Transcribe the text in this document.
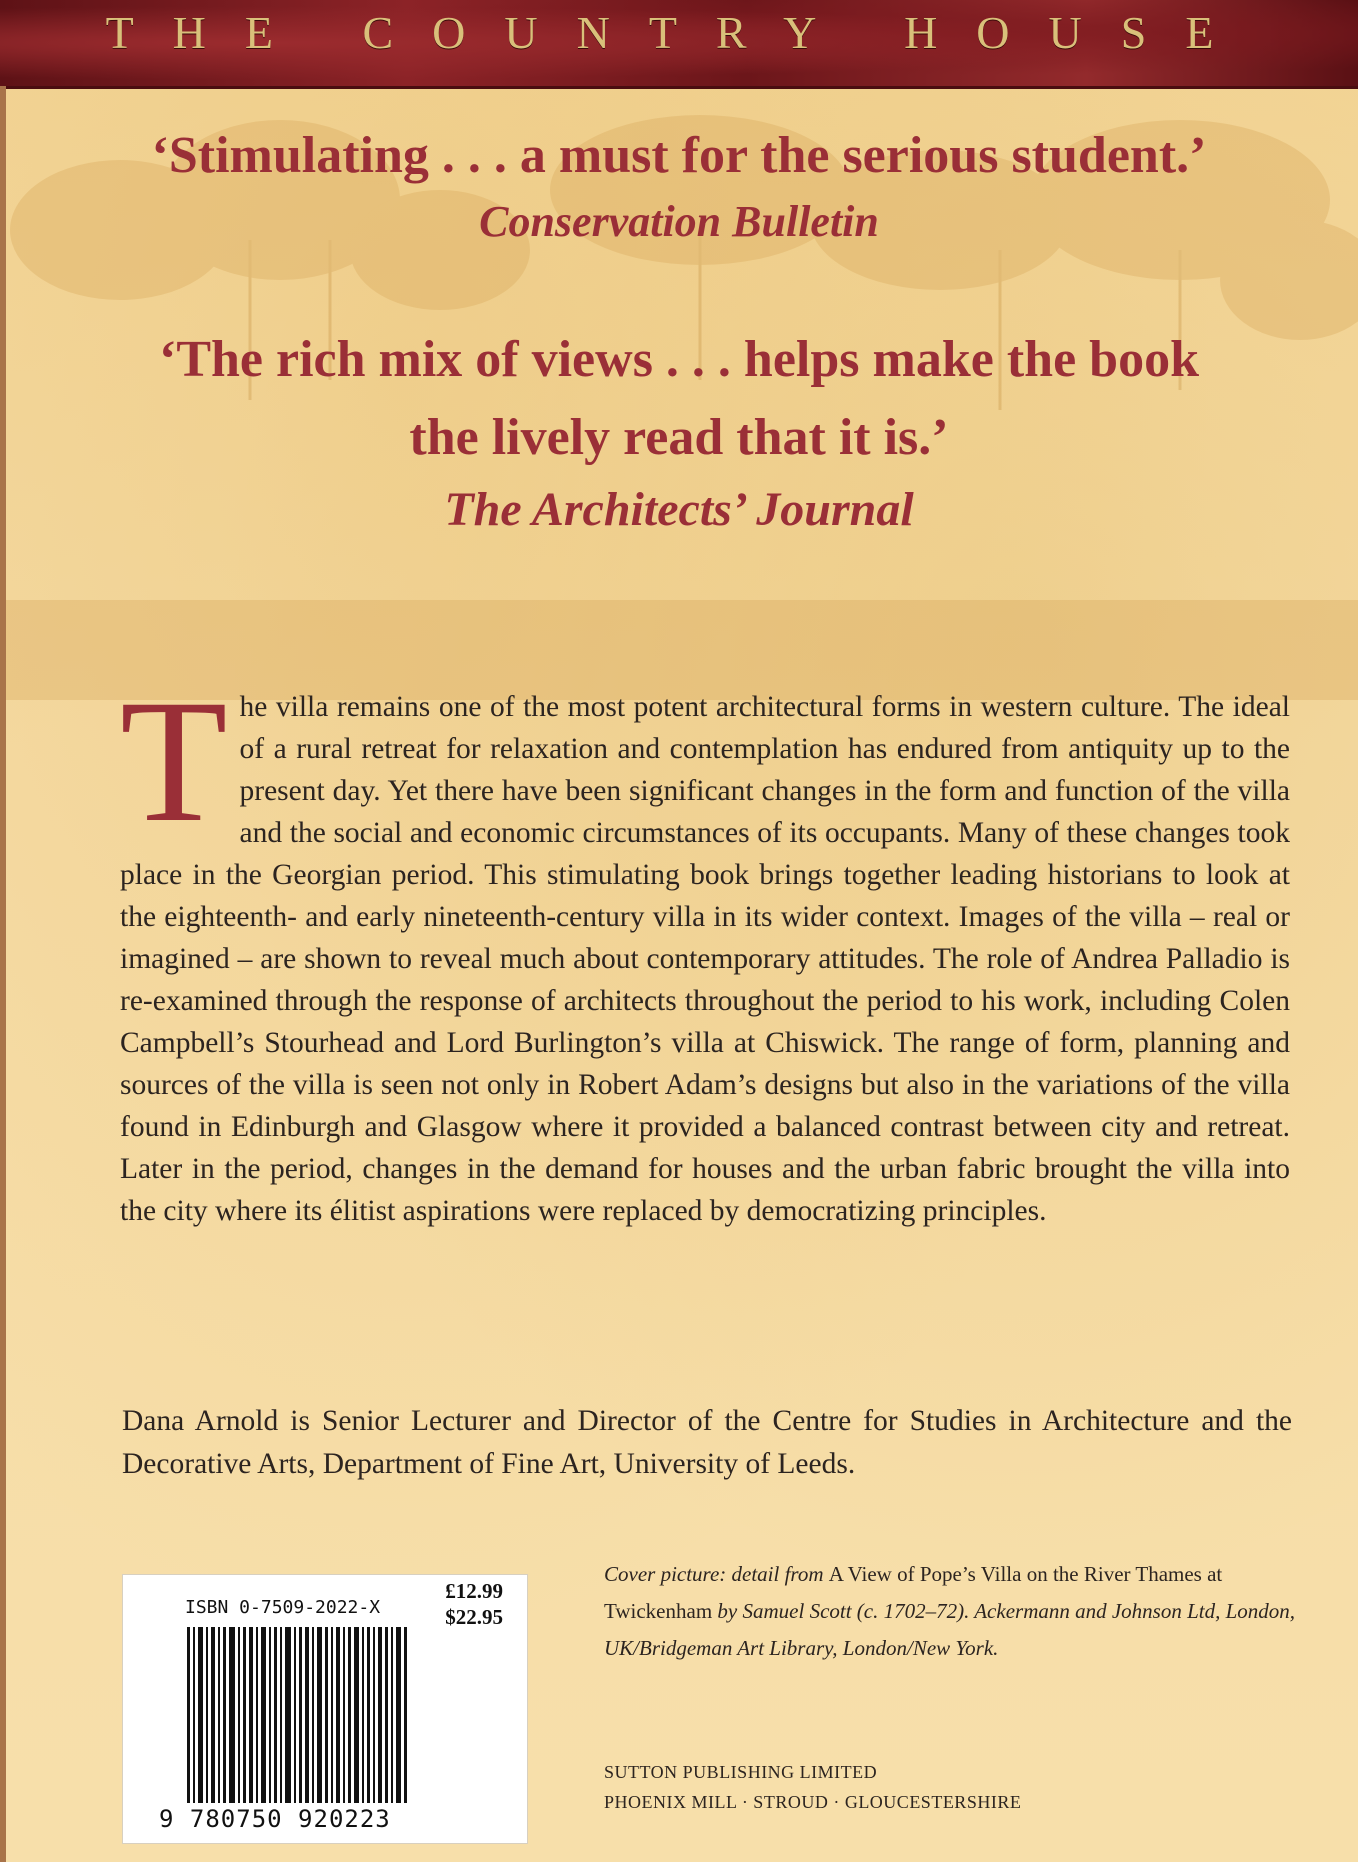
THE COUNTRY HOUSE
‘Stimulating . . . a must for the serious student.’
Conservation Bulletin
‘The rich mix of views . . . helps make the book
the lively read that it is.’
The Architects’ Journal
The villa remains one of the most potent architectural forms in western culture. The ideal of a rural retreat for relaxation and contemplation has endured from antiquity up to the present day. Yet there have been significant changes in the form and function of the villa and the social and economic circumstances of its occupants. Many of these changes took place in the Georgian period. This stimulating book brings together leading historians to look at the eighteenth- and early nineteenth-century villa in its wider context. Images of the villa – real or imagined – are shown to reveal much about contemporary attitudes. The role of Andrea Palladio is re-examined through the response of architects throughout the period to his work, including Colen Campbell’s Stourhead and Lord Burlington’s villa at Chiswick. The range of form, planning and sources of the villa is seen not only in Robert Adam’s designs but also in the variations of the villa found in Edinburgh and Glasgow where it provided a balanced contrast between city and retreat. Later in the period, changes in the demand for houses and the urban fabric brought the villa into the city where its élitist aspirations were replaced by democratizing principles.
Dana Arnold is Senior Lecturer and Director of the Centre for Studies in Architecture and the Decorative Arts, Department of Fine Art, University of Leeds.
ISBN 0-7509-2022-X
£12.99
$22.95
9 780750 920223
Cover picture: detail from A View of Pope’s Villa on the River Thames at Twickenham by Samuel Scott (c. 1702–72). Ackermann and Johnson Ltd, London, UK/Bridgeman Art Library, London/New York.
SUTTON PUBLISHING LIMITED
PHOENIX MILL · STROUD · GLOUCESTERSHIRE
